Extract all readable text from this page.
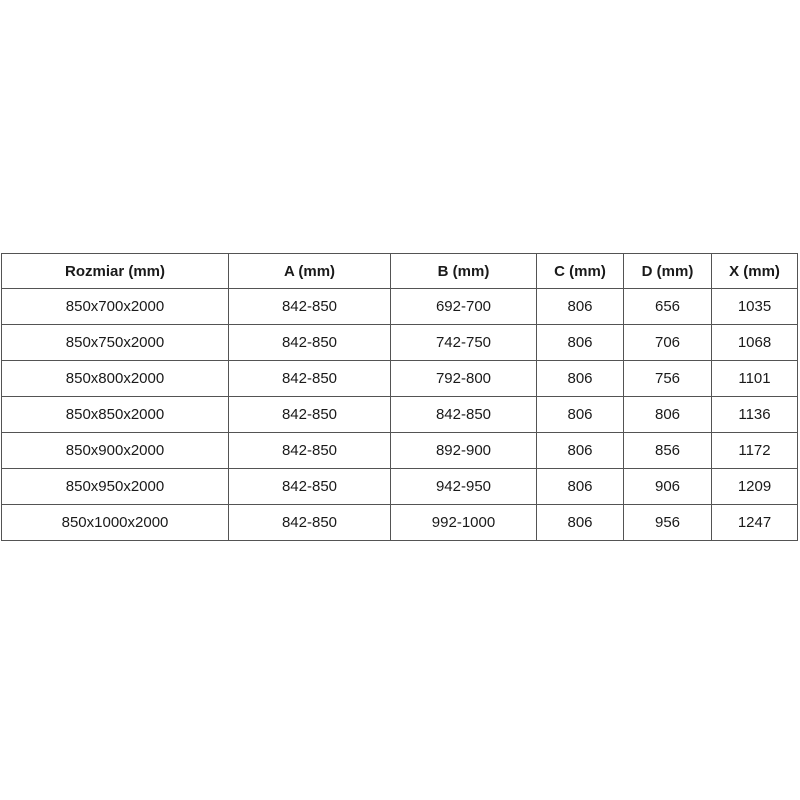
Rozmiar (mm)	A (mm)	B (mm)	C (mm)	D (mm)	X (mm)
850x700x2000	842-850	692-700	806	656	1035
850x750x2000	842-850	742-750	806	706	1068
850x800x2000	842-850	792-800	806	756	1101
850x850x2000	842-850	842-850	806	806	1136
850x900x2000	842-850	892-900	806	856	1172
850x950x2000	842-850	942-950	806	906	1209
850x1000x2000	842-850	992-1000	806	956	1247
